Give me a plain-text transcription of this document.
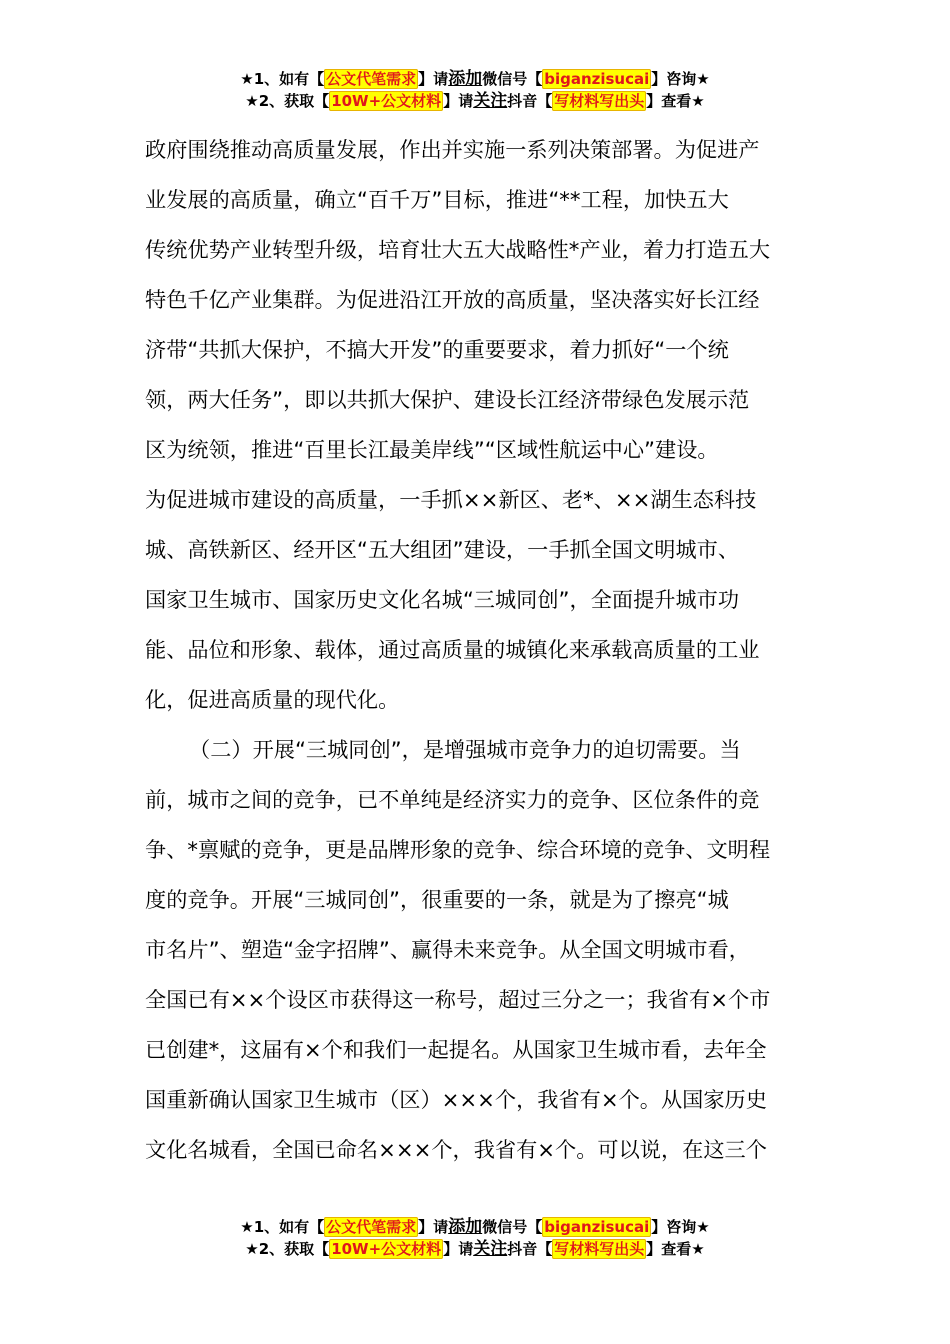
★1、如有【 公文代笔需求 】请添加微信号【 biganzisucai 】咨询★
★2、获取【 10W+公文材料 】请关注抖音【 写材料写出头 】查看★
政府围绕推动高质量发展，作出并实施一系列决策部署。为促进产
业发展的高质量，确立“百千万”目标，推进“**工程，加快五大
传统优势产业转型升级，培育壮大五大战略性*产业，着力打造五大
特色千亿产业集群。为促进沿江开放的高质量，坚决落实好长江经
济带“共抓大保护，不搞大开发”的重要要求，着力抓好“一个统
领，两大任务”，即以共抓大保护、建设长江经济带绿色发展示范
区为统领，推进“百里长江最美岸线”“区域性航运中心”建设。
为促进城市建设的高质量，一手抓××新区、老*、××湖生态科技
城、高铁新区、经开区“五大组团”建设，一手抓全国文明城市、
国家卫生城市、国家历史文化名城“三城同创”，全面提升城市功
能、品位和形象、载体，通过高质量的城镇化来承载高质量的工业
化，促进高质量的现代化。
（二）开展“三城同创”，是增强城市竞争力的迫切需要。当
前，城市之间的竞争，已不单纯是经济实力的竞争、区位条件的竞
争、*禀赋的竞争，更是品牌形象的竞争、综合环境的竞争、文明程
度的竞争。开展“三城同创”，很重要的一条，就是为了擦亮“城
市名片”、塑造“金字招牌”、赢得未来竞争。从全国文明城市看，
全国已有××个设区市获得这一称号，超过三分之一；我省有×个市
已创建*，这届有×个和我们一起提名。从国家卫生城市看，去年全
国重新确认国家卫生城市（区）×××个，我省有×个。从国家历史
文化名城看，全国已命名×××个，我省有×个。可以说，在这三个
★1、如有【 公文代笔需求 】请添加微信号【 biganzisucai 】咨询★
★2、获取【 10W+公文材料 】请关注抖音【 写材料写出头 】查看★
